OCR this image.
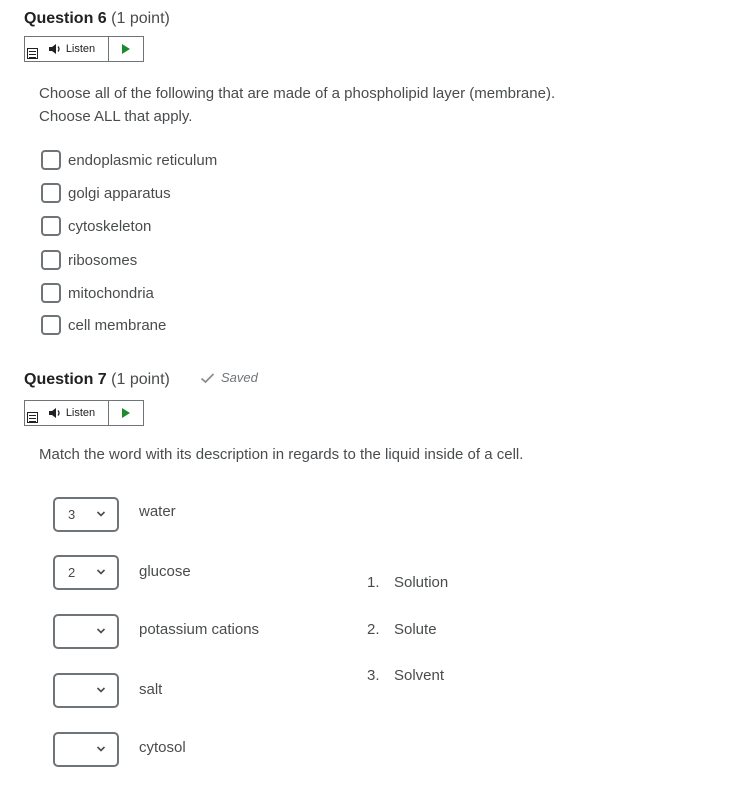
Question 6 (1 point)
Listen
Choose all of the following that are made of a phospholipid layer (membrane).
Choose ALL that apply.
endoplasmic reticulum
golgi apparatus
cytoskeleton
ribosomes
mitochondria
cell membrane
Question 7 (1 point)	Saved
Listen
Match the word with its description in regards to the liquid inside of a cell.
3	water
2	glucose
potassium cations
salt
cytosol
1. Solution
2. Solute
3. Solvent
